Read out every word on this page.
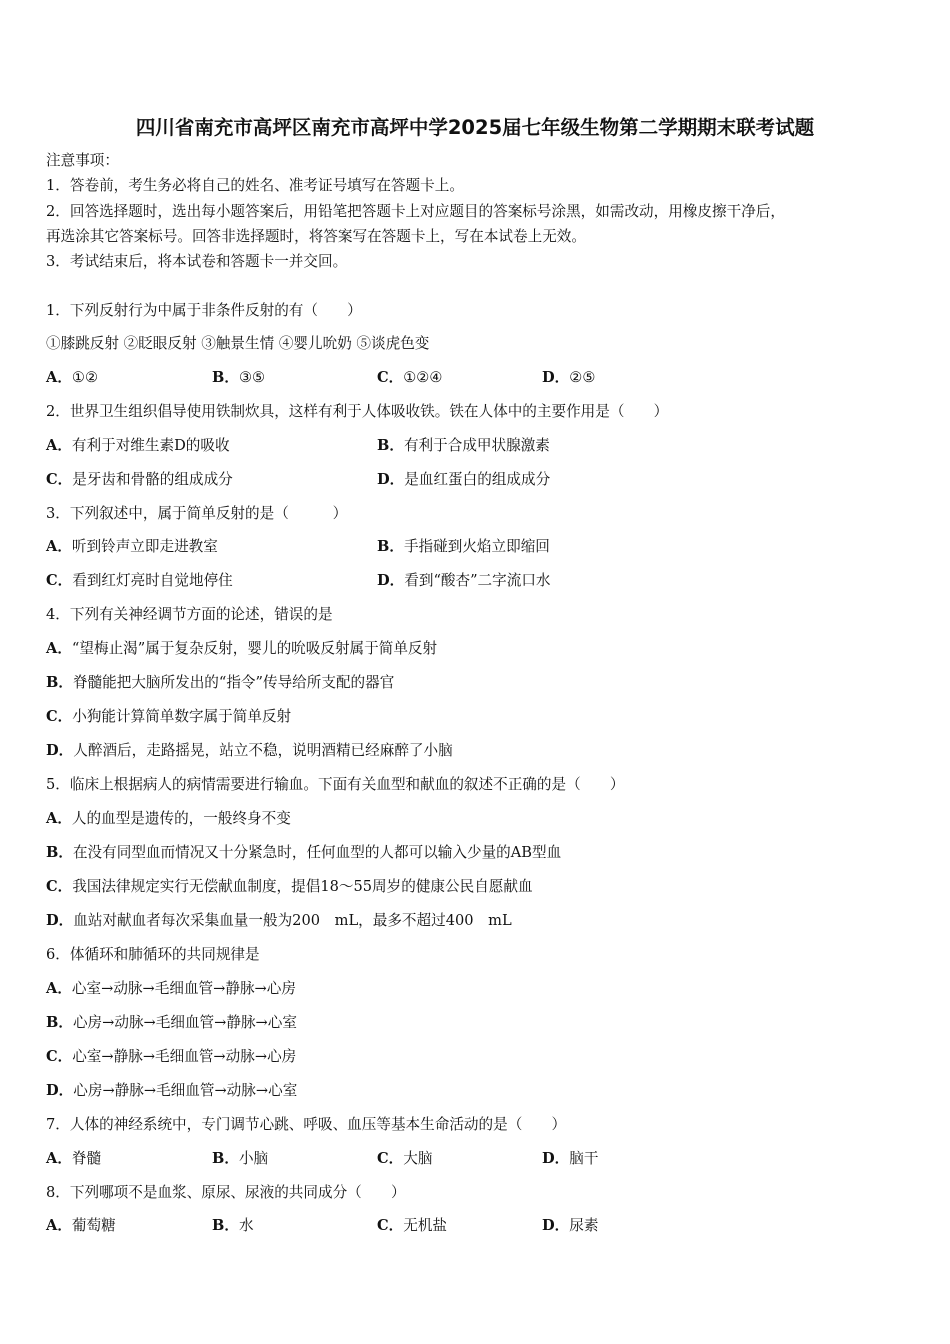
四川省南充市高坪区南充市高坪中学2025届七年级生物第二学期期末联考试题
注意事项：
1．答卷前，考生务必将自己的姓名、准考证号填写在答题卡上。
2．回答选择题时，选出每小题答案后，用铅笔把答题卡上对应题目的答案标号涂黑，如需改动，用橡皮擦干净后，
再选涂其它答案标号。回答非选择题时，将答案写在答题卡上，写在本试卷上无效。
3．考试结束后，将本试卷和答题卡一并交回。
1．下列反射行为中属于非条件反射的有（　　）
①膝跳反射 ②眨眼反射 ③触景生情 ④婴儿吮奶 ⑤谈虎色变
A．①②	B．③⑤	C．①②④	D．②⑤
2．世界卫生组织倡导使用铁制炊具，这样有利于人体吸收铁。铁在人体中的主要作用是（　　）
A．有利于对维生素D的吸收	B．有利于合成甲状腺激素
C．是牙齿和骨骼的组成成分	D．是血红蛋白的组成成分
3．下列叙述中，属于简单反射的是（　　　）
A．听到铃声立即走进教室	B．手指碰到火焰立即缩回
C．看到红灯亮时自觉地停住	D．看到“酸杏”二字流口水
4．下列有关神经调节方面的论述，错误的是
A．“望梅止渴”属于复杂反射，婴儿的吮吸反射属于简单反射
B．脊髓能把大脑所发出的“指令”传导给所支配的器官
C．小狗能计算简单数字属于简单反射
D．人醉酒后，走路摇晃，站立不稳，说明酒精已经麻醉了小脑
5．临床上根据病人的病情需要进行输血。下面有关血型和献血的叙述不正确的是（　　）
A．人的血型是遗传的，一般终身不变
B．在没有同型血而情况又十分紧急时，任何血型的人都可以输入少量的AB型血
C．我国法律规定实行无偿献血制度，提倡18～55周岁的健康公民自愿献血
D．血站对献血者每次采集血量一般为200　mL，最多不超过400　mL
6．体循环和肺循环的共同规律是
A．心室→动脉→毛细血管→静脉→心房
B．心房→动脉→毛细血管→静脉→心室
C．心室→静脉→毛细血管→动脉→心房
D．心房→静脉→毛细血管→动脉→心室
7．人体的神经系统中，专门调节心跳、呼吸、血压等基本生命活动的是（　　）
A．脊髓	B．小脑	C．大脑	D．脑干
8．下列哪项不是血浆、原尿、尿液的共同成分（　　）
A．葡萄糖	B．水	C．无机盐	D．尿素
